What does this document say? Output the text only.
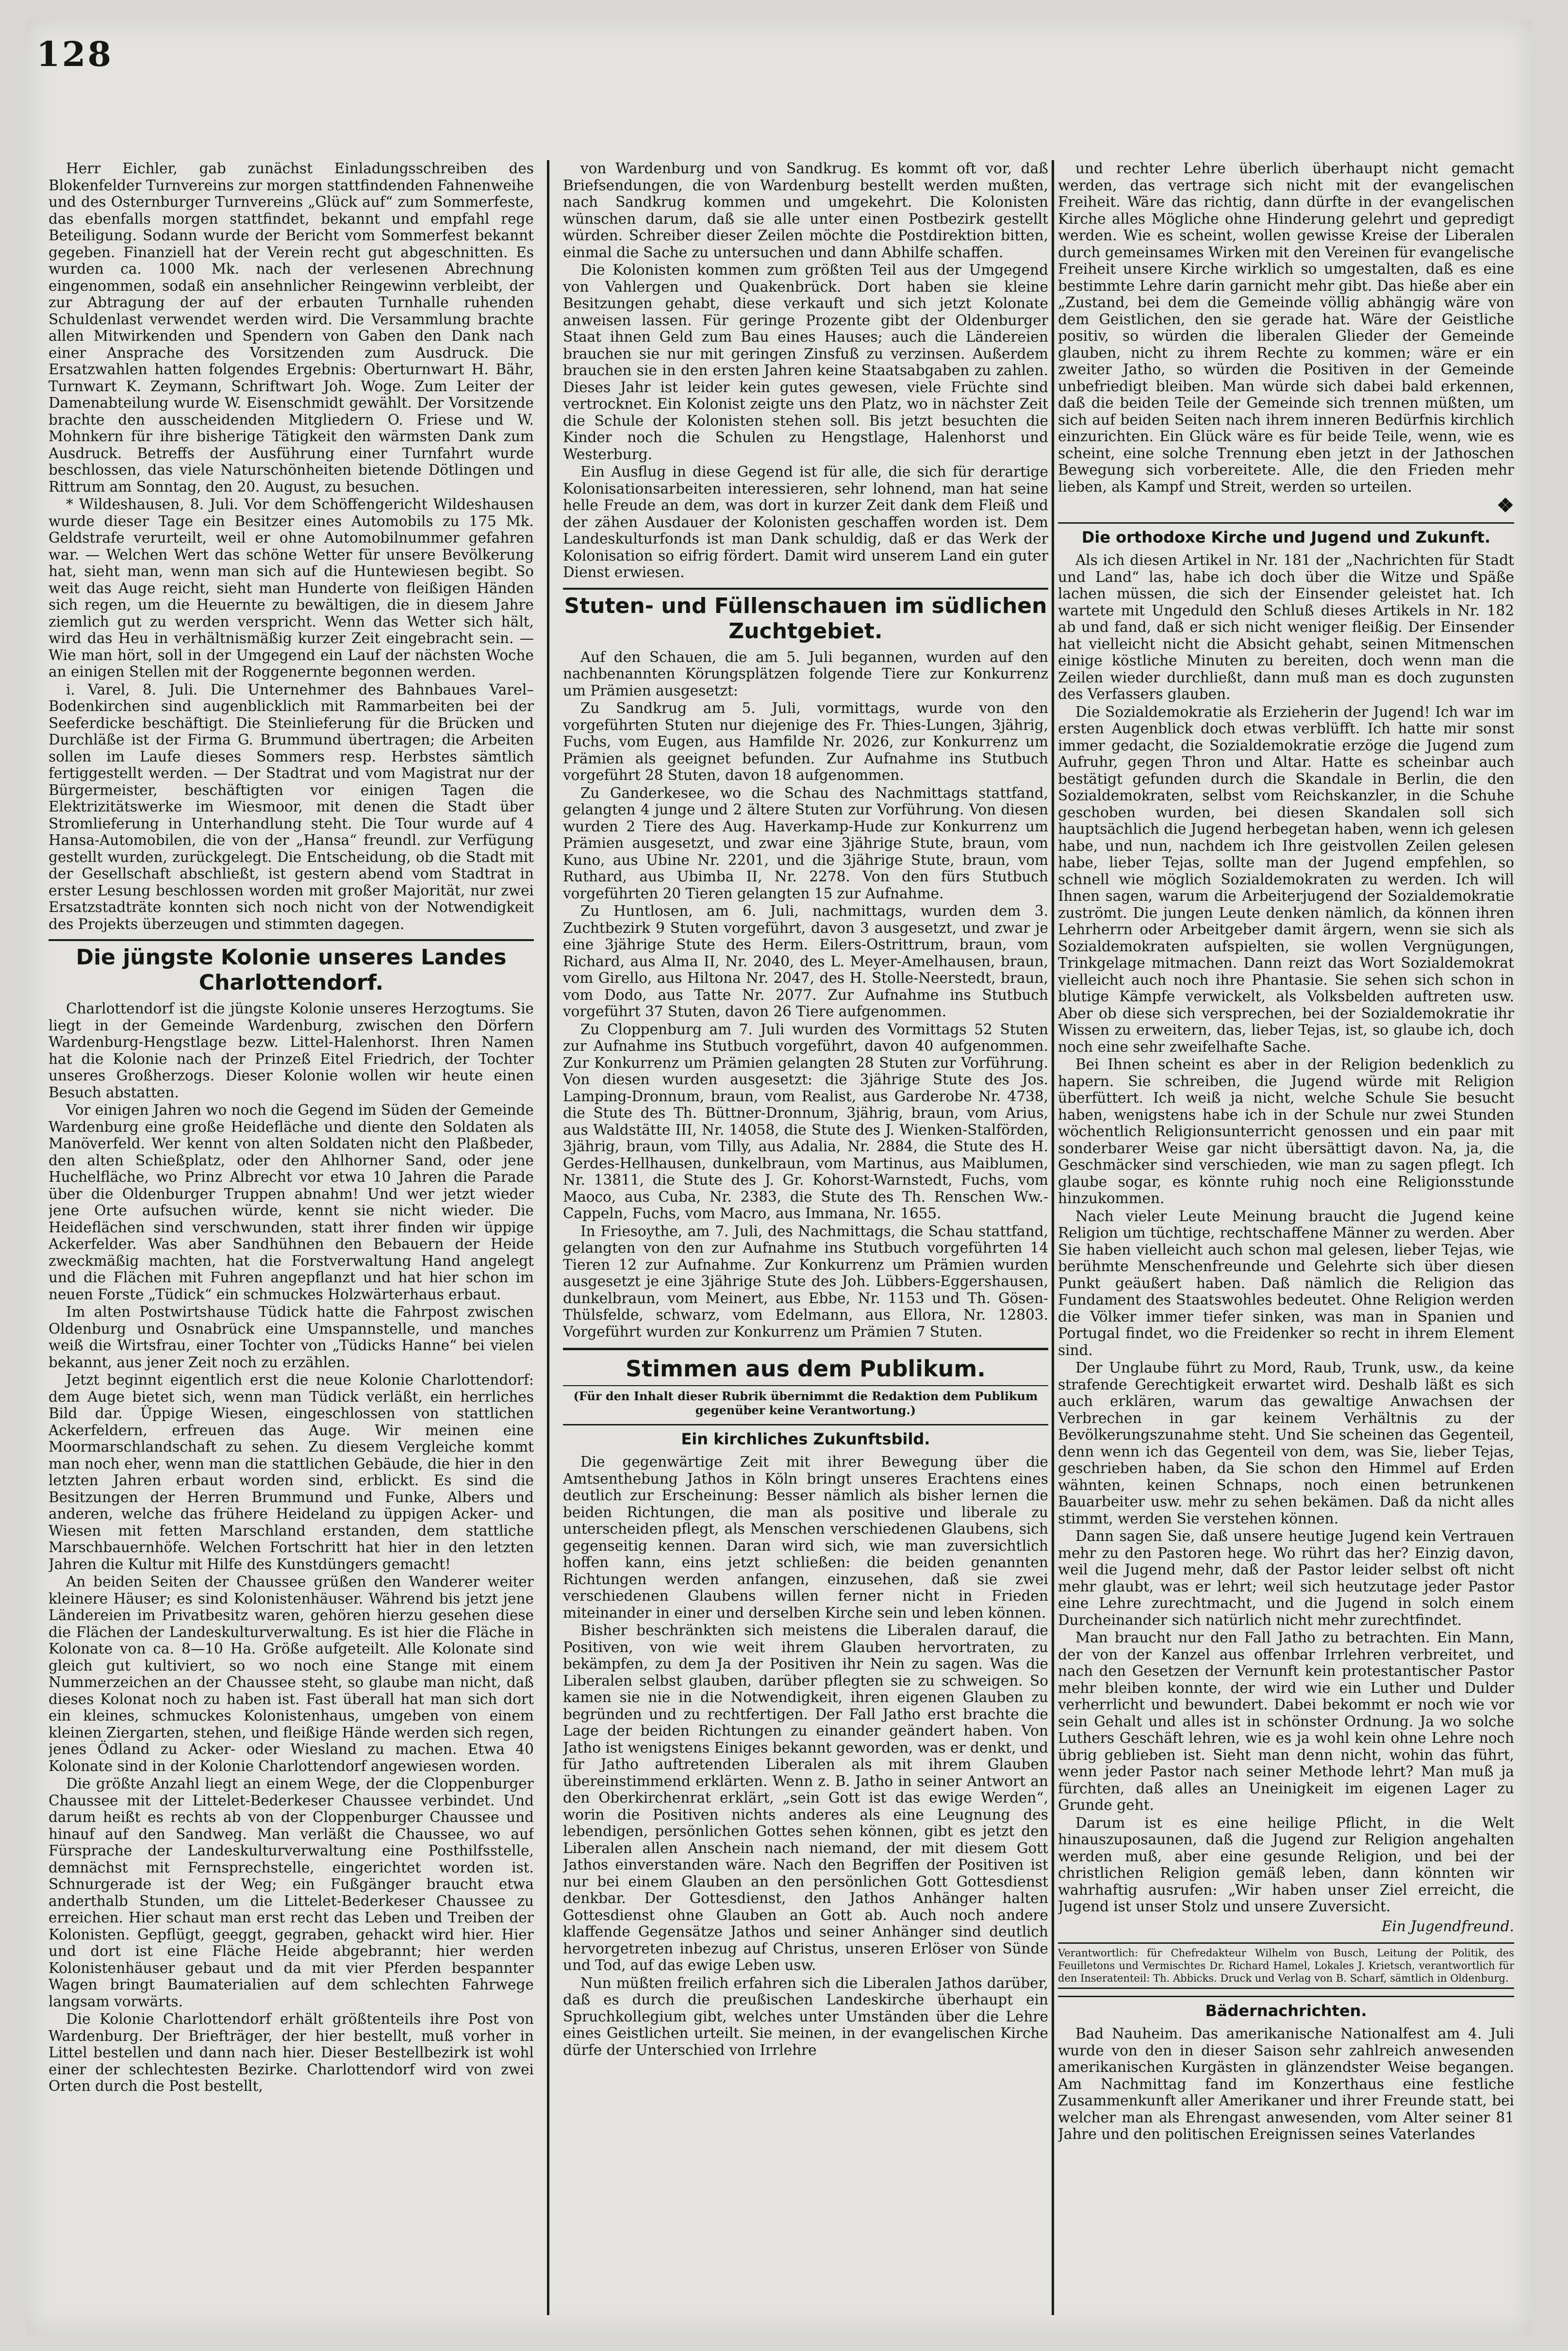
128

Herr Eichler, gab zunächst Einladungsschreiben des Blokenfelder Turnvereins zur morgen stattfindenden Fahnenweihe und des Osternburger Turnvereins „Glück auf“ zum Sommerfeste, das ebenfalls morgen stattfindet, bekannt und empfahl rege Beteiligung. Sodann wurde der Bericht vom Sommerfest bekannt gegeben. Finanziell hat der Verein recht gut abgeschnitten. Es wurden ca. 1000 Mk. nach der verlesenen Abrechnung eingenommen, sodaß ein ansehnlicher Reingewinn verbleibt, der zur Abtragung der auf der erbauten Turnhalle ruhenden Schuldenlast verwendet werden wird. Die Versammlung brachte allen Mitwirkenden und Spendern von Gaben den Dank nach einer Ansprache des Vorsitzenden zum Ausdruck. Die Ersatzwahlen hatten folgendes Ergebnis: Oberturnwart H. Bähr, Turnwart K. Zeymann, Schriftwart Joh. Woge. Zum Leiter der Damenabteilung wurde W. Eisenschmidt gewählt. Der Vorsitzende brachte den ausscheidenden Mitgliedern O. Friese und W. Mohnkern für ihre bisherige Tätigkeit den wärmsten Dank zum Ausdruck. Betreffs der Ausführung einer Turnfahrt wurde beschlossen, das viele Naturschönheiten bietende Dötlingen und Rittrum am Sonntag, den 20. August, zu besuchen.

* Wildeshausen, 8. Juli. Vor dem Schöffengericht Wildeshausen wurde dieser Tage ein Besitzer eines Automobils zu 175 Mk. Geldstrafe verurteilt, weil er ohne Automobilnummer gefahren war. — Welchen Wert das schöne Wetter für unsere Bevölkerung hat, sieht man, wenn man sich auf die Huntewiesen begibt. So weit das Auge reicht, sieht man Hunderte von fleißigen Händen sich regen, um die Heuernte zu bewältigen, die in diesem Jahre ziemlich gut zu werden verspricht. Wenn das Wetter sich hält, wird das Heu in verhältnismäßig kurzer Zeit eingebracht sein. — Wie man hört, soll in der Umgegend ein Lauf der nächsten Woche an einigen Stellen mit der Roggenernte begonnen werden.

i. Varel, 8. Juli. Die Unternehmer des Bahnbaues Varel–Bodenkirchen sind augenblicklich mit Rammarbeiten bei der Seeferdicke beschäftigt. Die Steinlieferung für die Brücken und Durchläße ist der Firma G. Brummund übertragen; die Arbeiten sollen im Laufe dieses Sommers resp. Herbstes sämtlich fertiggestellt werden. — Der Stadtrat und vom Magistrat nur der Bürgermeister, beschäftigten vor einigen Tagen die Elektrizitätswerke im Wiesmoor, mit denen die Stadt über Stromlieferung in Unterhandlung steht. Die Tour wurde auf 4 Hansa-Automobilen, die von der „Hansa“ freundl. zur Verfügung gestellt wurden, zurückgelegt. Die Entscheidung, ob die Stadt mit der Gesellschaft abschließt, ist gestern abend vom Stadtrat in erster Lesung beschlossen worden mit großer Majorität, nur zwei Ersatzstadträte konnten sich noch nicht von der Notwendigkeit des Projekts überzeugen und stimmten dagegen.

Die jüngste Kolonie unseres Landes Charlottendorf.

Charlottendorf ist die jüngste Kolonie unseres Herzogtums. Sie liegt in der Gemeinde Wardenburg, zwischen den Dörfern Wardenburg-Hengstlage bezw. Littel-Halenhorst. Ihren Namen hat die Kolonie nach der Prinzeß Eitel Friedrich, der Tochter unseres Großherzogs. Dieser Kolonie wollen wir heute einen Besuch abstatten.

Vor einigen Jahren wo noch die Gegend im Süden der Gemeinde Wardenburg eine große Heidefläche und diente den Soldaten als Manöverfeld. Wer kennt von alten Soldaten nicht den Plaßbeder, den alten Schießplatz, oder den Ahlhorner Sand, oder jene Huchelfläche, wo Prinz Albrecht vor etwa 10 Jahren die Parade über die Oldenburger Truppen abnahm! Und wer jetzt wieder jene Orte aufsuchen würde, kennt sie nicht wieder. Die Heideflächen sind verschwunden, statt ihrer finden wir üppige Ackerfelder. Was aber Sandhühnen den Bebauern der Heide zweckmäßig machten, hat die Forstverwaltung Hand angelegt und die Flächen mit Fuhren angepflanzt und hat hier schon im neuen Forste „Tüdick“ ein schmuckes Holzwärterhaus erbaut.

Im alten Postwirtshause Tüdick hatte die Fahrpost zwischen Oldenburg und Osnabrück eine Umspannstelle, und manches weiß die Wirtsfrau, einer Tochter von „Tüdicks Hanne“ bei vielen bekannt, aus jener Zeit noch zu erzählen.

Jetzt beginnt eigentlich erst die neue Kolonie Charlottendorf: dem Auge bietet sich, wenn man Tüdick verläßt, ein herrliches Bild dar. Üppige Wiesen, eingeschlossen von stattlichen Ackerfeldern, erfreuen das Auge. Wir meinen eine Moormarschlandschaft zu sehen. Zu diesem Vergleiche kommt man noch eher, wenn man die stattlichen Gebäude, die hier in den letzten Jahren erbaut worden sind, erblickt. Es sind die Besitzungen der Herren Brummund und Funke, Albers und anderen, welche das frühere Heideland zu üppigen Acker- und Wiesen mit fetten Marschland erstanden, dem stattliche Marschbauernhöfe. Welchen Fortschritt hat hier in den letzten Jahren die Kultur mit Hilfe des Kunstdüngers gemacht!

An beiden Seiten der Chaussee grüßen den Wanderer weiter kleinere Häuser; es sind Kolonistenhäuser. Während bis jetzt jene Ländereien im Privatbesitz waren, gehören hierzu gesehen diese die Flächen der Landeskulturverwaltung. Es ist hier die Fläche in Kolonate von ca. 8—10 Ha. Größe aufgeteilt. Alle Kolonate sind gleich gut kultiviert, so wo noch eine Stange mit einem Nummerzeichen an der Chaussee steht, so glaube man nicht, daß dieses Kolonat noch zu haben ist. Fast überall hat man sich dort ein kleines, schmuckes Kolonistenhaus, umgeben von einem kleinen Ziergarten, stehen, und fleißige Hände werden sich regen, jenes Ödland zu Acker- oder Wiesland zu machen. Etwa 40 Kolonate sind in der Kolonie Charlottendorf angewiesen worden.

Die größte Anzahl liegt an einem Wege, der die Cloppenburger Chaussee mit der Littelet-Bederkeser Chaussee verbindet. Und darum heißt es rechts ab von der Cloppenburger Chaussee und hinauf auf den Sandweg. Man verläßt die Chaussee, wo auf Fürsprache der Landeskulturverwaltung eine Posthilfsstelle, demnächst mit Fernsprechstelle, eingerichtet worden ist. Schnurgerade ist der Weg; ein Fußgänger braucht etwa anderthalb Stunden, um die Littelet-Bederkeser Chaussee zu erreichen. Hier schaut man erst recht das Leben und Treiben der Kolonisten. Gepflügt, geeggt, gegraben, gehackt wird hier. Hier und dort ist eine Fläche Heide abgebrannt; hier werden Kolonistenhäuser gebaut und da mit vier Pferden bespannter Wagen bringt Baumaterialien auf dem schlechten Fahrwege langsam vorwärts.

Die Kolonie Charlottendorf erhält größtenteils ihre Post von Wardenburg. Der Briefträger, der hier bestellt, muß vorher in Littel bestellen und dann nach hier. Dieser Bestellbezirk ist wohl einer der schlechtesten Bezirke. Charlottendorf wird von zwei Orten durch die Post bestellt,

von Wardenburg und von Sandkrug. Es kommt oft vor, daß Briefsendungen, die von Wardenburg bestellt werden mußten, nach Sandkrug kommen und umgekehrt. Die Kolonisten wünschen darum, daß sie alle unter einen Postbezirk gestellt würden. Schreiber dieser Zeilen möchte die Postdirektion bitten, einmal die Sache zu untersuchen und dann Abhilfe schaffen.

Die Kolonisten kommen zum größten Teil aus der Umgegend von Vahlergen und Quakenbrück. Dort haben sie kleine Besitzungen gehabt, diese verkauft und sich jetzt Kolonate anweisen lassen. Für geringe Prozente gibt der Oldenburger Staat ihnen Geld zum Bau eines Hauses; auch die Ländereien brauchen sie nur mit geringen Zinsfuß zu verzinsen. Außerdem brauchen sie in den ersten Jahren keine Staatsabgaben zu zahlen. Dieses Jahr ist leider kein gutes gewesen, viele Früchte sind vertrocknet. Ein Kolonist zeigte uns den Platz, wo in nächster Zeit die Schule der Kolonisten stehen soll. Bis jetzt besuchten die Kinder noch die Schulen zu Hengstlage, Halenhorst und Westerburg.

Ein Ausflug in diese Gegend ist für alle, die sich für derartige Kolonisationsarbeiten interessieren, sehr lohnend, man hat seine helle Freude an dem, was dort in kurzer Zeit dank dem Fleiß und der zähen Ausdauer der Kolonisten geschaffen worden ist. Dem Landeskulturfonds ist man Dank schuldig, daß er das Werk der Kolonisation so eifrig fördert. Damit wird unserem Land ein guter Dienst erwiesen.

Stuten- und Füllenschauen im südlichen Zuchtgebiet.

Auf den Schauen, die am 5. Juli begannen, wurden auf den nachbenannten Körungsplätzen folgende Tiere zur Konkurrenz um Prämien ausgesetzt:

Zu Sandkrug am 5. Juli, vormittags, wurde von den vorgeführten Stuten nur diejenige des Fr. Thies-Lungen, 3jährig, Fuchs, vom Eugen, aus Hamfilde Nr. 2026, zur Konkurrenz um Prämien als geeignet befunden. Zur Aufnahme ins Stutbuch vorgeführt 28 Stuten, davon 18 aufgenommen.

Zu Ganderkesee, wo die Schau des Nachmittags stattfand, gelangten 4 junge und 2 ältere Stuten zur Vorführung. Von diesen wurden 2 Tiere des Aug. Haverkamp-Hude zur Konkurrenz um Prämien ausgesetzt, und zwar eine 3jährige Stute, braun, vom Kuno, aus Ubine Nr. 2201, und die 3jährige Stute, braun, vom Ruthard, aus Ubimba II, Nr. 2278. Von den fürs Stutbuch vorgeführten 20 Tieren gelangten 15 zur Aufnahme.

Zu Huntlosen, am 6. Juli, nachmittags, wurden dem 3. Zuchtbezirk 9 Stuten vorgeführt, davon 3 ausgesetzt, und zwar je eine 3jährige Stute des Herm. Eilers-Ostrittrum, braun, vom Richard, aus Alma II, Nr. 2040, des L. Meyer-Amelhausen, braun, vom Girello, aus Hiltona Nr. 2047, des H. Stolle-Neerstedt, braun, vom Dodo, aus Tatte Nr. 2077. Zur Aufnahme ins Stutbuch vorgeführt 37 Stuten, davon 26 Tiere aufgenommen.

Zu Cloppenburg am 7. Juli wurden des Vormittags 52 Stuten zur Aufnahme ins Stutbuch vorgeführt, davon 40 aufgenommen. Zur Konkurrenz um Prämien gelangten 28 Stuten zur Vorführung. Von diesen wurden ausgesetzt: die 3jährige Stute des Jos. Lamping-Dronnum, braun, vom Realist, aus Garderobe Nr. 4738, die Stute des Th. Büttner-Dronnum, 3jährig, braun, vom Arius, aus Waldstätte III, Nr. 14058, die Stute des J. Wienken-Stalförden, 3jährig, braun, vom Tilly, aus Adalia, Nr. 2884, die Stute des H. Gerdes-Hellhausen, dunkelbraun, vom Martinus, aus Maiblumen, Nr. 13811, die Stute des J. Gr. Kohorst-Warnstedt, Fuchs, vom Maoco, aus Cuba, Nr. 2383, die Stute des Th. Renschen Ww.-Cappeln, Fuchs, vom Macro, aus Immana, Nr. 1655.

In Friesoythe, am 7. Juli, des Nachmittags, die Schau stattfand, gelangten von den zur Aufnahme ins Stutbuch vorgeführten 14 Tieren 12 zur Aufnahme. Zur Konkurrenz um Prämien wurden ausgesetzt je eine 3jährige Stute des Joh. Lübbers-Eggershausen, dunkelbraun, vom Meinert, aus Ebbe, Nr. 1153 und Th. Gösen-Thülsfelde, schwarz, vom Edelmann, aus Ellora, Nr. 12803. Vorgeführt wurden zur Konkurrenz um Prämien 7 Stuten.

Stimmen aus dem Publikum.
(Für den Inhalt dieser Rubrik übernimmt die Redaktion dem Publikum gegenüber keine Verantwortung.)
Ein kirchliches Zukunftsbild.

Die gegenwärtige Zeit mit ihrer Bewegung über die Amtsenthebung Jathos in Köln bringt unseres Erachtens eines deutlich zur Erscheinung: Besser nämlich als bisher lernen die beiden Richtungen, die man als positive und liberale zu unterscheiden pflegt, als Menschen verschiedenen Glaubens, sich gegenseitig kennen. Daran wird sich, wie man zuversichtlich hoffen kann, eins jetzt schließen: die beiden genannten Richtungen werden anfangen, einzusehen, daß sie zwei verschiedenen Glaubens willen ferner nicht in Frieden miteinander in einer und derselben Kirche sein und leben können.

Bisher beschränkten sich meistens die Liberalen darauf, die Positiven, von wie weit ihrem Glauben hervortraten, zu bekämpfen, zu dem Ja der Positiven ihr Nein zu sagen. Was die Liberalen selbst glauben, darüber pflegten sie zu schweigen. So kamen sie nie in die Notwendigkeit, ihren eigenen Glauben zu begründen und zu rechtfertigen. Der Fall Jatho erst brachte die Lage der beiden Richtungen zu einander geändert haben. Von Jatho ist wenigstens Einiges bekannt geworden, was er denkt, und für Jatho auftretenden Liberalen als mit ihrem Glauben übereinstimmend erklärten. Wenn z. B. Jatho in seiner Antwort an den Oberkirchenrat erklärt, „sein Gott ist das ewige Werden“, worin die Positiven nichts anderes als eine Leugnung des lebendigen, persönlichen Gottes sehen können, gibt es jetzt den Liberalen allen Anschein nach niemand, der mit diesem Gott Jathos einverstanden wäre. Nach den Begriffen der Positiven ist nur bei einem Glauben an den persönlichen Gott Gottesdienst denkbar. Der Gottesdienst, den Jathos Anhänger halten Gottesdienst ohne Glauben an Gott ab. Auch noch andere klaffende Gegensätze Jathos und seiner Anhänger sind deutlich hervorgetreten inbezug auf Christus, unseren Erlöser von Sünde und Tod, auf das ewige Leben usw.

Nun müßten freilich erfahren sich die Liberalen Jathos darüber, daß es durch die preußischen Landeskirche überhaupt ein Spruchkollegium gibt, welches unter Umständen über die Lehre eines Geistlichen urteilt. Sie meinen, in der evangelischen Kirche dürfe der Unterschied von Irrlehre

und rechter Lehre überlich überhaupt nicht gemacht werden, das vertrage sich nicht mit der evangelischen Freiheit. Wäre das richtig, dann dürfte in der evangelischen Kirche alles Mögliche ohne Hinderung gelehrt und gepredigt werden. Wie es scheint, wollen gewisse Kreise der Liberalen durch gemeinsames Wirken mit den Vereinen für evangelische Freiheit unsere Kirche wirklich so umgestalten, daß es eine bestimmte Lehre darin garnicht mehr gibt. Das hieße aber ein „Zustand, bei dem die Gemeinde völlig abhängig wäre von dem Geistlichen, den sie gerade hat. Wäre der Geistliche positiv, so würden die liberalen Glieder der Gemeinde glauben, nicht zu ihrem Rechte zu kommen; wäre er ein zweiter Jatho, so würden die Positiven in der Gemeinde unbefriedigt bleiben. Man würde sich dabei bald erkennen, daß die beiden Teile der Gemeinde sich trennen müßten, um sich auf beiden Seiten nach ihrem inneren Bedürfnis kirchlich einzurichten. Ein Glück wäre es für beide Teile, wenn, wie es scheint, eine solche Trennung eben jetzt in der Jathoschen Bewegung sich vorbereitete. Alle, die den Frieden mehr lieben, als Kampf und Streit, werden so urteilen.

❖
Die orthodoxe Kirche und Jugend und Zukunft.

Als ich diesen Artikel in Nr. 181 der „Nachrichten für Stadt und Land“ las, habe ich doch über die Witze und Späße lachen müssen, die sich der Einsender geleistet hat. Ich wartete mit Ungeduld den Schluß dieses Artikels in Nr. 182 ab und fand, daß er sich nicht weniger fleißig. Der Einsender hat vielleicht nicht die Absicht gehabt, seinen Mitmenschen einige köstliche Minuten zu bereiten, doch wenn man die Zeilen wieder durchließt, dann muß man es doch zugunsten des Verfassers glauben.

Die Sozialdemokratie als Erzieherin der Jugend! Ich war im ersten Augenblick doch etwas verblüfft. Ich hatte mir sonst immer gedacht, die Sozialdemokratie erzöge die Jugend zum Aufruhr, gegen Thron und Altar. Hatte es scheinbar auch bestätigt gefunden durch die Skandale in Berlin, die den Sozialdemokraten, selbst vom Reichskanzler, in die Schuhe geschoben wurden, bei diesen Skandalen soll sich hauptsächlich die Jugend herbegetan haben, wenn ich gelesen habe, und nun, nachdem ich Ihre geistvollen Zeilen gelesen habe, lieber Tejas, sollte man der Jugend empfehlen, so schnell wie möglich Sozialdemokraten zu werden. Ich will Ihnen sagen, warum die Arbeiterjugend der Sozialdemokratie zuströmt. Die jungen Leute denken nämlich, da können ihren Lehrherrn oder Arbeitgeber damit ärgern, wenn sie sich als Sozialdemokraten aufspielten, sie wollen Vergnügungen, Trinkgelage mitmachen. Dann reizt das Wort Sozialdemokrat vielleicht auch noch ihre Phantasie. Sie sehen sich schon in blutige Kämpfe verwickelt, als Volksbelden auftreten usw. Aber ob diese sich versprechen, bei der Sozialdemokratie ihr Wissen zu erweitern, das, lieber Tejas, ist, so glaube ich, doch noch eine sehr zweifelhafte Sache.

Bei Ihnen scheint es aber in der Religion bedenklich zu hapern. Sie schreiben, die Jugend würde mit Religion überfüttert. Ich weiß ja nicht, welche Schule Sie besucht haben, wenigstens habe ich in der Schule nur zwei Stunden wöchentlich Religionsunterricht genossen und ein paar mit sonderbarer Weise gar nicht übersättigt davon. Na, ja, die Geschmäcker sind verschieden, wie man zu sagen pflegt. Ich glaube sogar, es könnte ruhig noch eine Religionsstunde hinzukommen.

Nach vieler Leute Meinung braucht die Jugend keine Religion um tüchtige, rechtschaffene Männer zu werden. Aber Sie haben vielleicht auch schon mal gelesen, lieber Tejas, wie berühmte Menschenfreunde und Gelehrte sich über diesen Punkt geäußert haben. Daß nämlich die Religion das Fundament des Staatswohles bedeutet. Ohne Religion werden die Völker immer tiefer sinken, was man in Spanien und Portugal findet, wo die Freidenker so recht in ihrem Element sind.

Der Unglaube führt zu Mord, Raub, Trunk, usw., da keine strafende Gerechtigkeit erwartet wird. Deshalb läßt es sich auch erklären, warum das gewaltige Anwachsen der Verbrechen in gar keinem Verhältnis zu der Bevölkerungszunahme steht. Und Sie scheinen das Gegenteil, denn wenn ich das Gegenteil von dem, was Sie, lieber Tejas, geschrieben haben, da Sie schon den Himmel auf Erden wähnten, keinen Schnaps, noch einen betrunkenen Bauarbeiter usw. mehr zu sehen bekämen. Daß da nicht alles stimmt, werden Sie verstehen können.

Dann sagen Sie, daß unsere heutige Jugend kein Vertrauen mehr zu den Pastoren hege. Wo rührt das her? Einzig davon, weil die Jugend mehr, daß der Pastor leider selbst oft nicht mehr glaubt, was er lehrt; weil sich heutzutage jeder Pastor eine Lehre zurechtmacht, und die Jugend in solch einem Durcheinander sich natürlich nicht mehr zurechtfindet.

Man braucht nur den Fall Jatho zu betrachten. Ein Mann, der von der Kanzel aus offenbar Irrlehren verbreitet, und nach den Gesetzen der Vernunft kein protestantischer Pastor mehr bleiben konnte, der wird wie ein Luther und Dulder verherrlicht und bewundert. Dabei bekommt er noch wie vor sein Gehalt und alles ist in schönster Ordnung. Ja wo solche Luthers Geschäft lehren, wie es ja wohl kein ohne Lehre noch übrig geblieben ist. Sieht man denn nicht, wohin das führt, wenn jeder Pastor nach seiner Methode lehrt? Man muß ja fürchten, daß alles an Uneinigkeit im eigenen Lager zu Grunde geht.

Darum ist es eine heilige Pflicht, in die Welt hinauszuposaunen, daß die Jugend zur Religion angehalten werden muß, aber eine gesunde Religion, und bei der christlichen Religion gemäß leben, dann könnten wir wahrhaftig ausrufen: „Wir haben unser Ziel erreicht, die Jugend ist unser Stolz und unsere Zuversicht.

Ein Jugendfreund.
Verantwortlich: für Chefredakteur Wilhelm von Busch, Leitung der Politik, des Feuilletons und Vermischtes Dr. Richard Hamel, Lokales J. Krietsch, verantwortlich für den Inseratenteil: Th. Abbicks. Druck und Verlag von B. Scharf, sämtlich in Oldenburg.
Bädernachrichten.

Bad Nauheim. Das amerikanische Nationalfest am 4. Juli wurde von den in dieser Saison sehr zahlreich anwesenden amerikanischen Kurgästen in glänzendster Weise begangen. Am Nachmittag fand im Konzerthaus eine festliche Zusammenkunft aller Amerikaner und ihrer Freunde statt, bei welcher man als Ehrengast anwesenden, vom Alter seiner 81 Jahre und den politischen Ereignissen seines Vaterlandes
